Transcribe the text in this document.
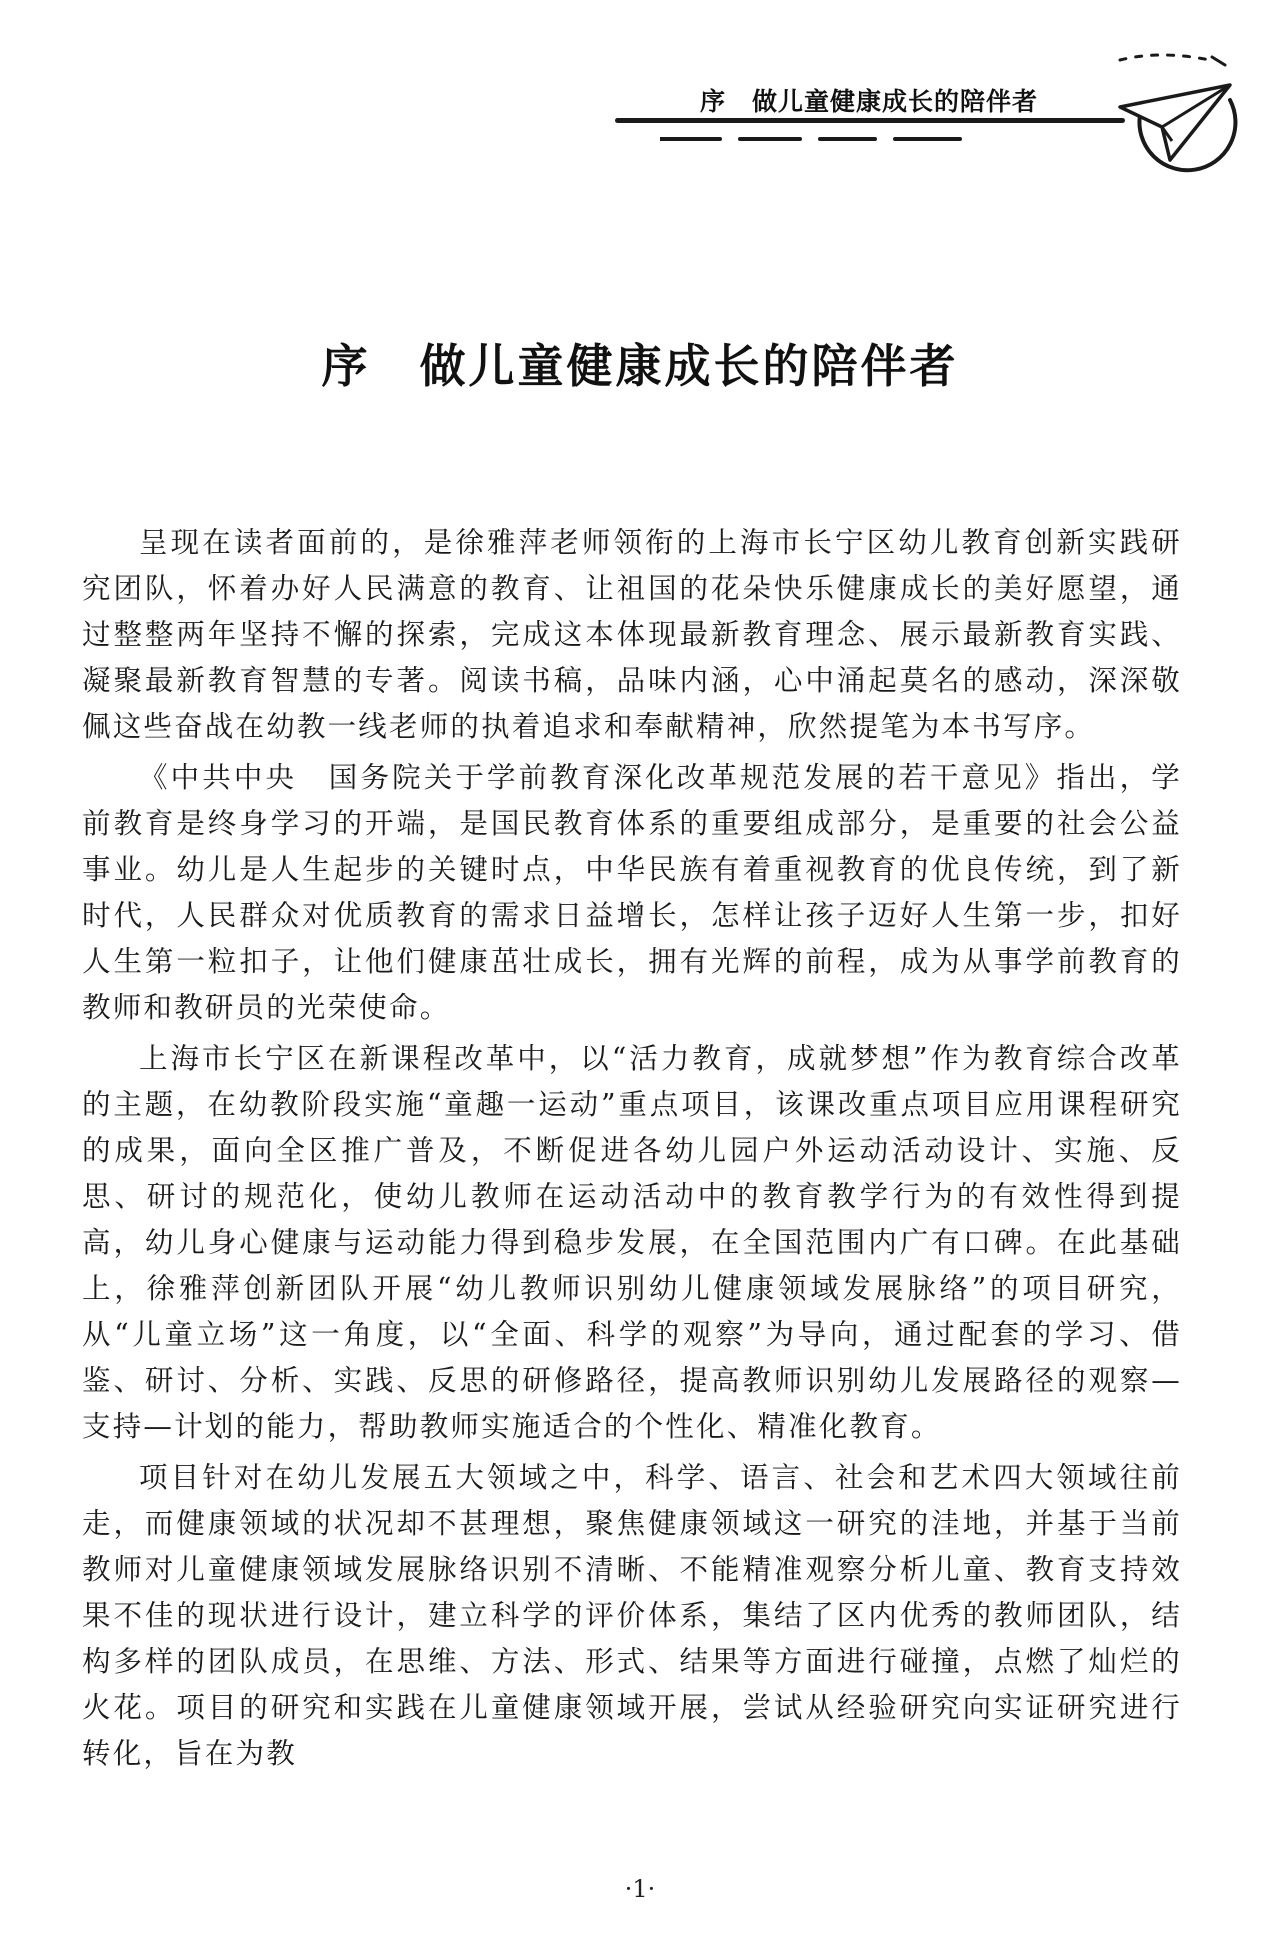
序　做儿童健康成长的陪伴者
序　做儿童健康成长的陪伴者

呈现在读者面前的，是徐雅萍老师领衔的上海市长宁区幼儿教育创新实践研究团队，怀着办好人民满意的教育、让祖国的花朵快乐健康成长的美好愿望，通过整整两年坚持不懈的探索，完成这本体现最新教育理念、展示最新教育实践、凝聚最新教育智慧的专著。阅读书稿，品味内涵，心中涌起莫名的感动，深深敬佩这些奋战在幼教一线老师的执着追求和奉献精神，欣然提笔为本书写序。

《中共中央　国务院关于学前教育深化改革规范发展的若干意见》指出，学前教育是终身学习的开端，是国民教育体系的重要组成部分，是重要的社会公益事业。幼儿是人生起步的关键时点，中华民族有着重视教育的优良传统，到了新时代，人民群众对优质教育的需求日益增长，怎样让孩子迈好人生第一步，扣好人生第一粒扣子，让他们健康茁壮成长，拥有光辉的前程，成为从事学前教育的教师和教研员的光荣使命。

上海市长宁区在新课程改革中，以“活力教育，成就梦想”作为教育综合改革的主题，在幼教阶段实施“童趣一运动”重点项目，该课改重点项目应用课程研究的成果，面向全区推广普及，不断促进各幼儿园户外运动活动设计、实施、反思、研讨的规范化，使幼儿教师在运动活动中的教育教学行为的有效性得到提高，幼儿身心健康与运动能力得到稳步发展，在全国范围内广有口碑。在此基础上，徐雅萍创新团队开展“幼儿教师识别幼儿健康领域发展脉络”的项目研究，从“儿童立场”这一角度，以“全面、科学的观察”为导向，通过配套的学习、借鉴、研讨、分析、实践、反思的研修路径，提高教师识别幼儿发展路径的观察—支持—计划的能力，帮助教师实施适合的个性化、精准化教育。

项目针对在幼儿发展五大领域之中，科学、语言、社会和艺术四大领域往前走，而健康领域的状况却不甚理想，聚焦健康领域这一研究的洼地，并基于当前教师对儿童健康领域发展脉络识别不清晰、不能精准观察分析儿童、教育支持效果不佳的现状进行设计，建立科学的评价体系，集结了区内优秀的教师团队，结构多样的团队成员，在思维、方法、形式、结果等方面进行碰撞，点燃了灿烂的火花。项目的研究和实践在儿童健康领域开展，尝试从经验研究向实证研究进行转化，旨在为教

·1·
